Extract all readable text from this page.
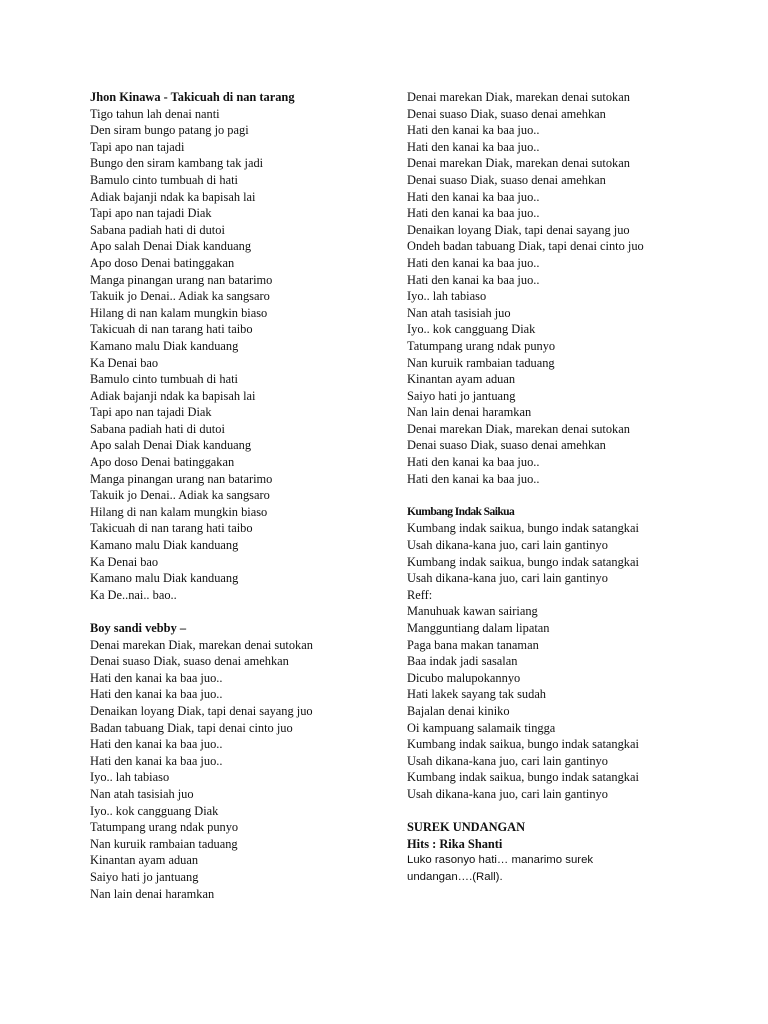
Jhon Kinawa - Takicuah di nan tarang
Tigo tahun lah denai nanti
Den siram bungo patang jo pagi
Tapi apo nan tajadi
Bungo den siram kambang tak jadi
Bamulo cinto tumbuah di hati
Adiak bajanji ndak ka bapisah lai
Tapi apo nan tajadi Diak
Sabana padiah hati di dutoi
Apo salah Denai Diak kanduang
Apo doso Denai batinggakan
Manga pinangan urang nan batarimo
Takuik jo Denai.. Adiak ka sangsaro
Hilang di nan kalam mungkin biaso
Takicuah di nan tarang hati taibo
Kamano malu Diak kanduang
Ka Denai bao
Bamulo cinto tumbuah di hati
Adiak bajanji ndak ka bapisah lai
Tapi apo nan tajadi Diak
Sabana padiah hati di dutoi
Apo salah Denai Diak kanduang
Apo doso Denai batinggakan
Manga pinangan urang nan batarimo
Takuik jo Denai.. Adiak ka sangsaro
Hilang di nan kalam mungkin biaso
Takicuah di nan tarang hati taibo
Kamano malu Diak kanduang
Ka Denai bao
Kamano malu Diak kanduang
Ka De..nai.. bao..
Boy sandi vebby –
Denai marekan Diak, marekan denai sutokan
Denai suaso Diak, suaso denai amehkan
Hati den kanai ka baa juo..
Hati den kanai ka baa juo..
Denaikan loyang Diak, tapi denai sayang juo
Badan tabuang Diak, tapi denai cinto juo
Hati den kanai ka baa juo..
Hati den kanai ka baa juo..
Iyo.. lah tabiaso
Nan atah tasisiah juo
Iyo.. kok cangguang Diak
Tatumpang urang ndak punyo
Nan kuruik rambaian taduang
Kinantan ayam aduan
Saiyo hati jo jantuang
Nan lain denai haramkan
Denai marekan Diak, marekan denai sutokan
Denai suaso Diak, suaso denai amehkan
Hati den kanai ka baa juo..
Hati den kanai ka baa juo..
Denai marekan Diak, marekan denai sutokan
Denai suaso Diak, suaso denai amehkan
Hati den kanai ka baa juo..
Hati den kanai ka baa juo..
Denaikan loyang Diak, tapi denai sayang juo
Ondeh badan tabuang Diak, tapi denai cinto juo
Hati den kanai ka baa juo..
Hati den kanai ka baa juo..
Iyo.. lah tabiaso
Nan atah tasisiah juo
Iyo.. kok cangguang Diak
Tatumpang urang ndak punyo
Nan kuruik rambaian taduang
Kinantan ayam aduan
Saiyo hati jo jantuang
Nan lain denai haramkan
Denai marekan Diak, marekan denai sutokan
Denai suaso Diak, suaso denai amehkan
Hati den kanai ka baa juo..
Hati den kanai ka baa juo..
Kumbang Indak Saikua
Kumbang indak saikua, bungo indak satangkai
Usah dikana-kana juo, cari lain gantinyo
Kumbang indak saikua, bungo indak satangkai
Usah dikana-kana juo, cari lain gantinyo
Reff:
Manuhuak kawan sairiang
Mangguntiang dalam lipatan
Paga bana makan tanaman
Baa indak jadi sasalan
Dicubo malupokannyo
Hati lakek sayang tak sudah
Bajalan denai kiniko
Oi kampuang salamaik tingga
Kumbang indak saikua, bungo indak satangkai
Usah dikana-kana juo, cari lain gantinyo
Kumbang indak saikua, bungo indak satangkai
Usah dikana-kana juo, cari lain gantinyo
SUREK UNDANGAN
Hits : Rika Shanti
Luko rasonyo hati… manarimo surek
undangan….(Rall).
